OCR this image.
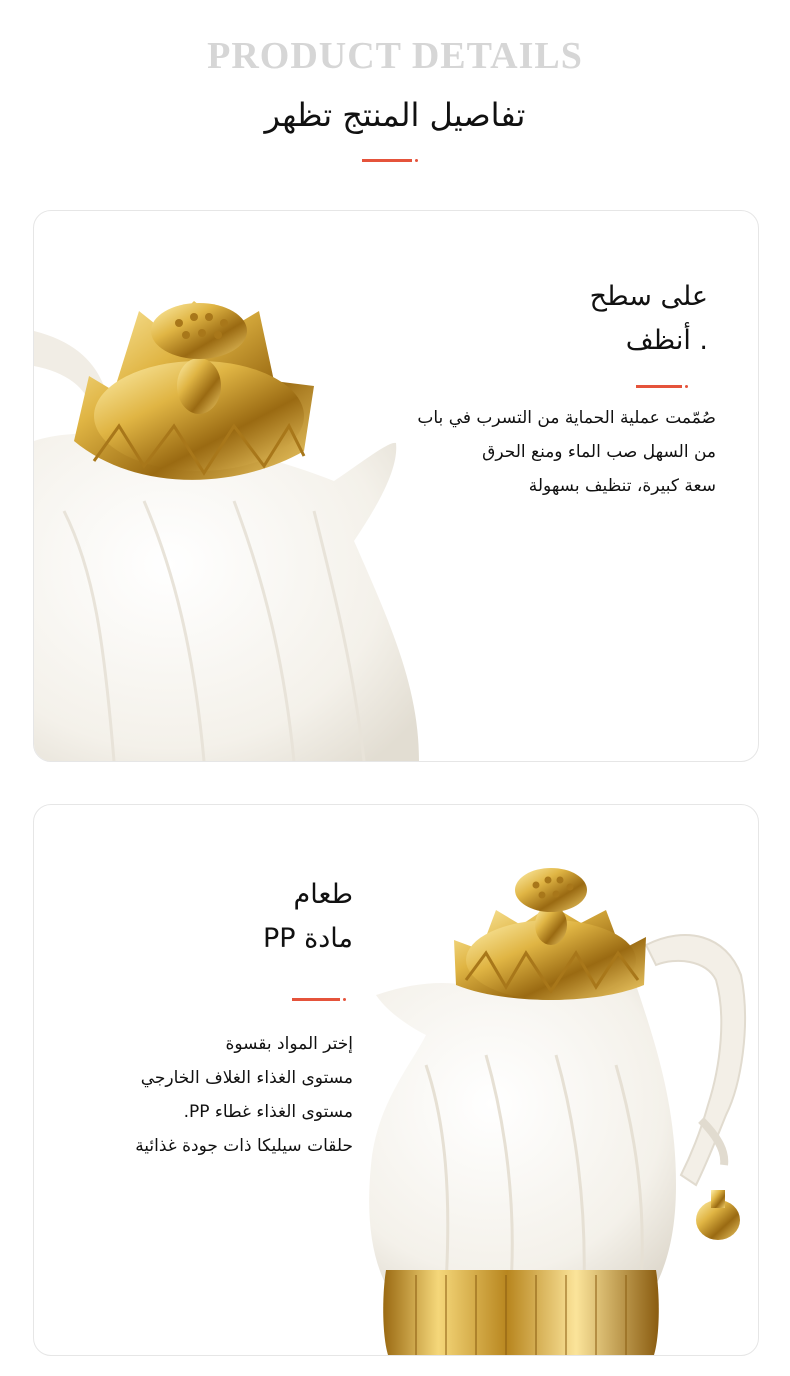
PRODUCT DETAILS
تفاصيل المنتج تظهر
على سطح
. أنظف
صُمّمت عملية الحماية من التسرب في باب
من السهل صب الماء ومنع الحرق
سعة كبيرة، تنظيف بسهولة
طعام
مادة PP
إختر المواد بقسوة
مستوى الغذاء الغلاف الخارجي
مستوى الغذاء غطاء PP.
حلقات سيليكا ذات جودة غذائية
